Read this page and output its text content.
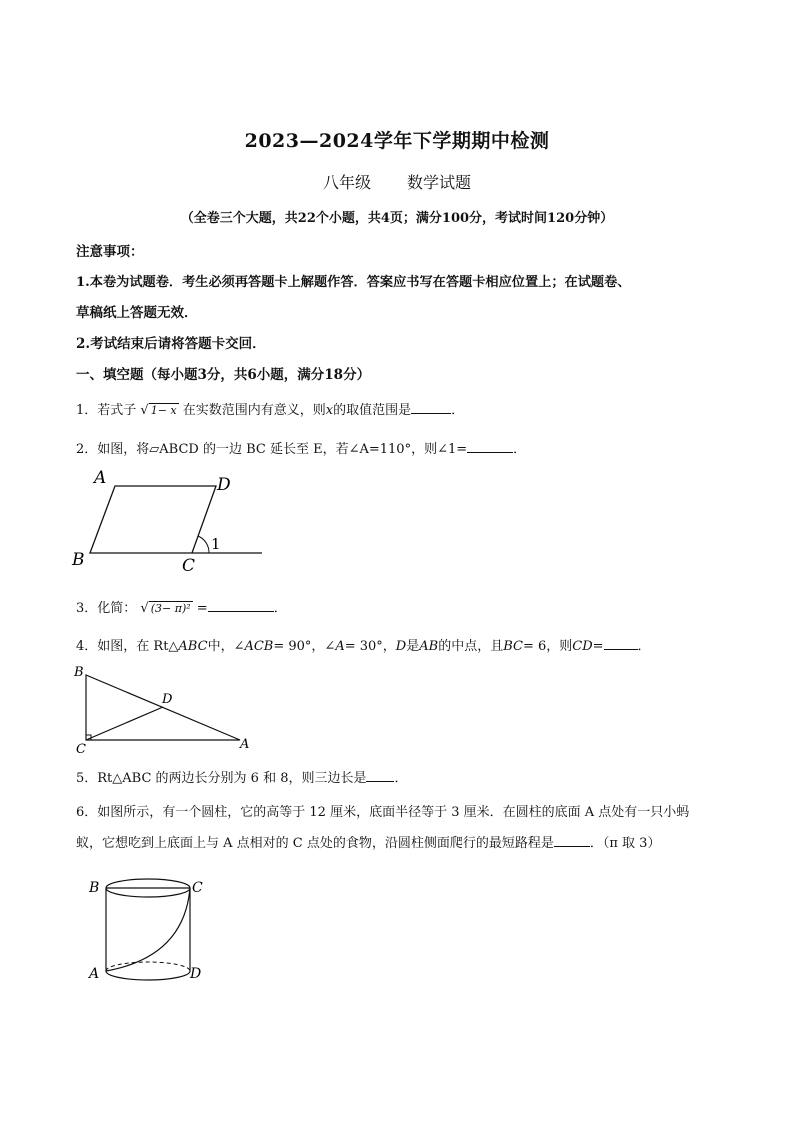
2023—2024学年下学期期中检测
八年级 数学试题
（全卷三个大题，共22个小题，共4页；满分100分，考试时间120分钟）
注意事项：
1.本卷为试题卷．考生必须再答题卡上解题作答．答案应书写在答题卡相应位置上；在试题卷、
草稿纸上答题无效．
2.考试结束后请将答题卡交回．
一、填空题（每小题3分，共6小题，满分18分）
1．若式子 √ 1− x 在实数范围内有意义，则x的取值范围是	．
2．如图，将▱ABCD 的一边 BC 延长至 E，若∠A=110°，则∠1=	．
A	D
B	C
1
3．化简： √ (3− π)² =	．
4．如图，在 Rt△ABC中，∠ACB= 90°，∠A= 30°，D是AB的中点，且BC= 6，则CD=	．
B
D
C	A
5．Rt△ABC 的两边长分别为 6 和 8，则三边长是 ．
6．如图所示，有一个圆柱，它的高等于 12 厘米，底面半径等于 3 厘米．在圆柱的底面 A 点处有一只小蚂
蚁，它想吃到上底面上与 A 点相对的 C 点处的食物，沿圆柱侧面爬行的最短路程是	．（π 取 3）
B	C
A	D
